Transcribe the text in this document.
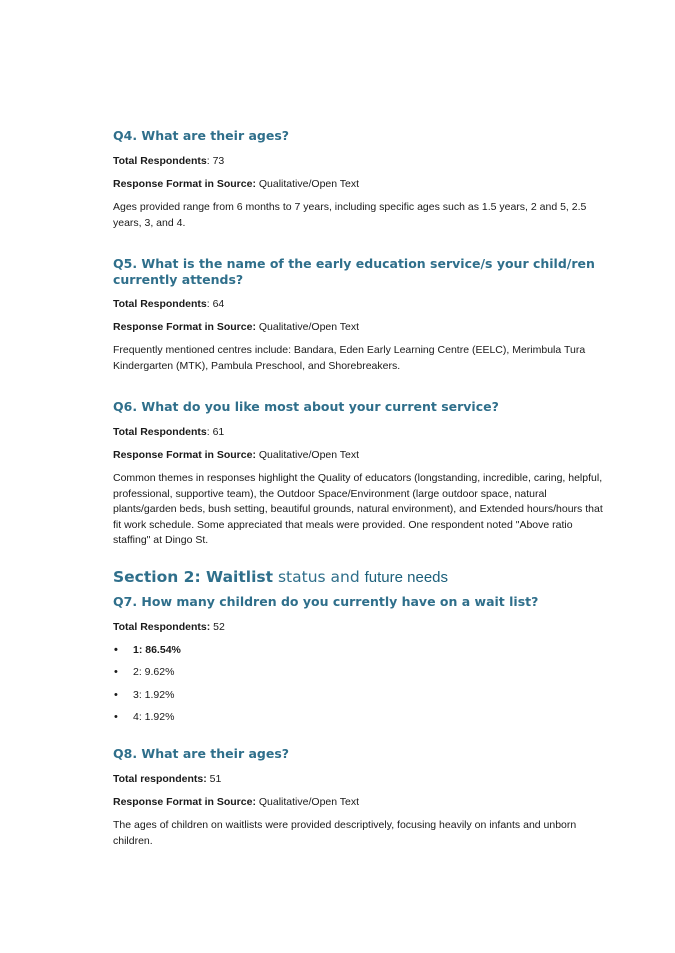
Q4. What are their ages?

Total Respondents: 73

Response Format in Source: Qualitative/Open Text

Ages provided range from 6 months to 7 years, including specific ages such as 1.5 years, 2 and 5, 2.5 years, 3, and 4.

Q5. What is the name of the early education service/s your child/ren
currently attends?

Total Respondents: 64

Response Format in Source: Qualitative/Open Text

Frequently mentioned centres include: Bandara, Eden Early Learning Centre (EELC), Merimbula Tura Kindergarten (MTK), Pambula Preschool, and Shorebreakers.

Q6. What do you like most about your current service?

Total Respondents: 61

Response Format in Source: Qualitative/Open Text

Common themes in responses highlight the Quality of educators (longstanding, incredible, caring, helpful, professional, supportive team), the Outdoor Space/Environment (large outdoor space, natural plants/garden beds, bush setting, beautiful grounds, natural environment), and Extended hours/hours that fit work schedule. Some appreciated that meals were provided. One respondent noted "Above ratio staffing" at Dingo St.

Section 2: Waitlist status and future needs
Q7. How many children do you currently have on a wait list?

Total Respondents: 52

• 1: 86.54%
• 2: 9.62%
• 3: 1.92%
• 4: 1.92%
Q8. What are their ages?

Total respondents: 51

Response Format in Source: Qualitative/Open Text

The ages of children on waitlists were provided descriptively, focusing heavily on infants and unborn children.
